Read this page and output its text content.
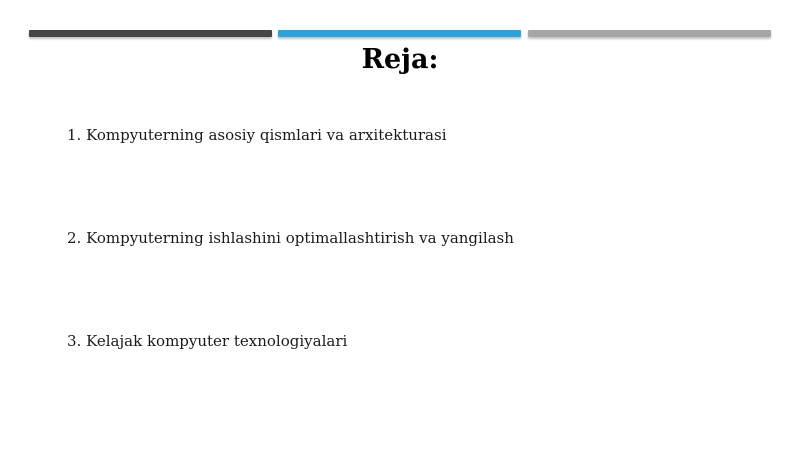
Reja:
1. Kompyuterning asosiy qismlari va arxitekturasi
2. Kompyuterning ishlashini optimallashtirish va yangilash
3. Kelajak kompyuter texnologiyalari
